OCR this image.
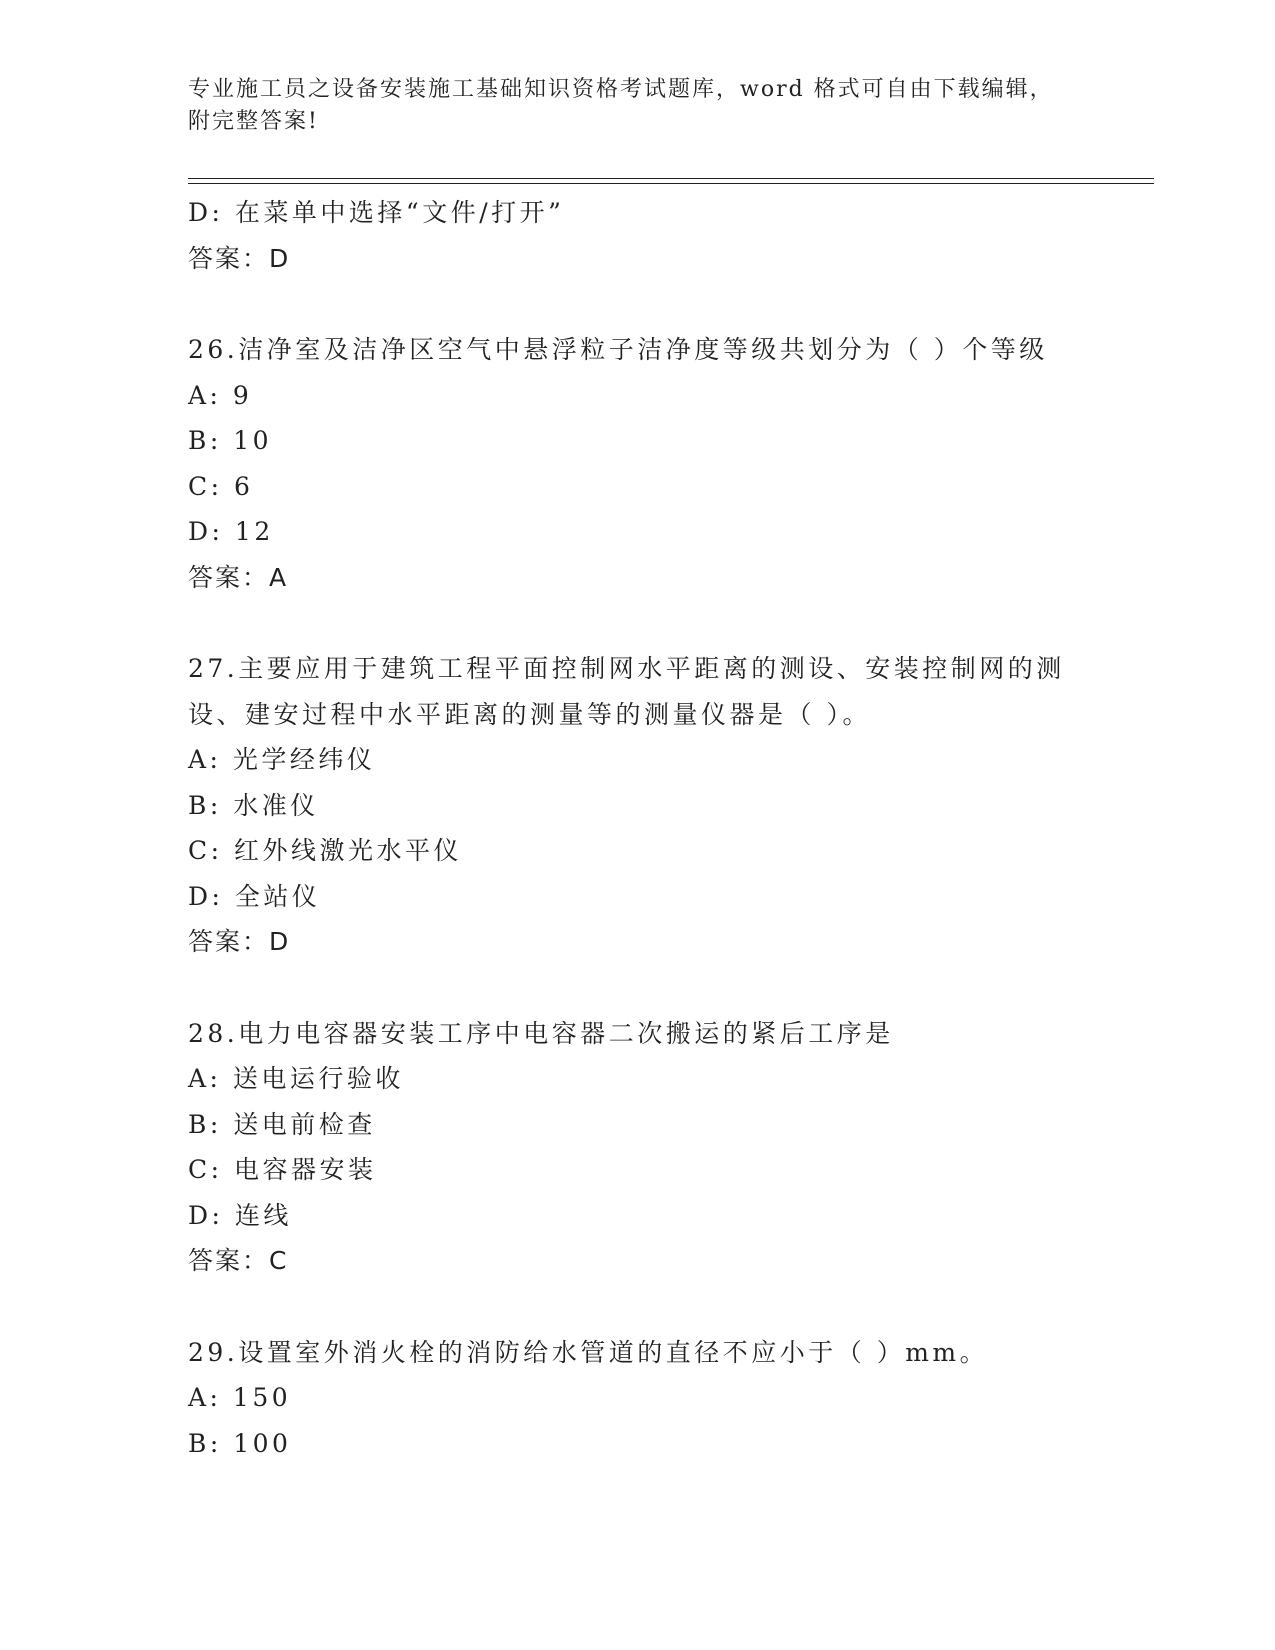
专业施工员之设备安装施工基础知识资格考试题库，word 格式可自由下载编辑，
附完整答案!
D: 在菜单中选择“文件/打开”
答案：D
26.洁净室及洁净区空气中悬浮粒子洁净度等级共划分为（ ）个等级
A: 9
B: 10
C: 6
D: 12
答案：A
27.主要应用于建筑工程平面控制网水平距离的测设、安装控制网的测
设、建安过程中水平距离的测量等的测量仪器是（ ）。
A: 光学经纬仪
B: 水准仪
C: 红外线激光水平仪
D: 全站仪
答案：D
28.电力电容器安装工序中电容器二次搬运的紧后工序是
A: 送电运行验收
B: 送电前检查
C: 电容器安装
D: 连线
答案：C
29.设置室外消火栓的消防给水管道的直径不应小于（ ）mm。
A: 150
B: 100
